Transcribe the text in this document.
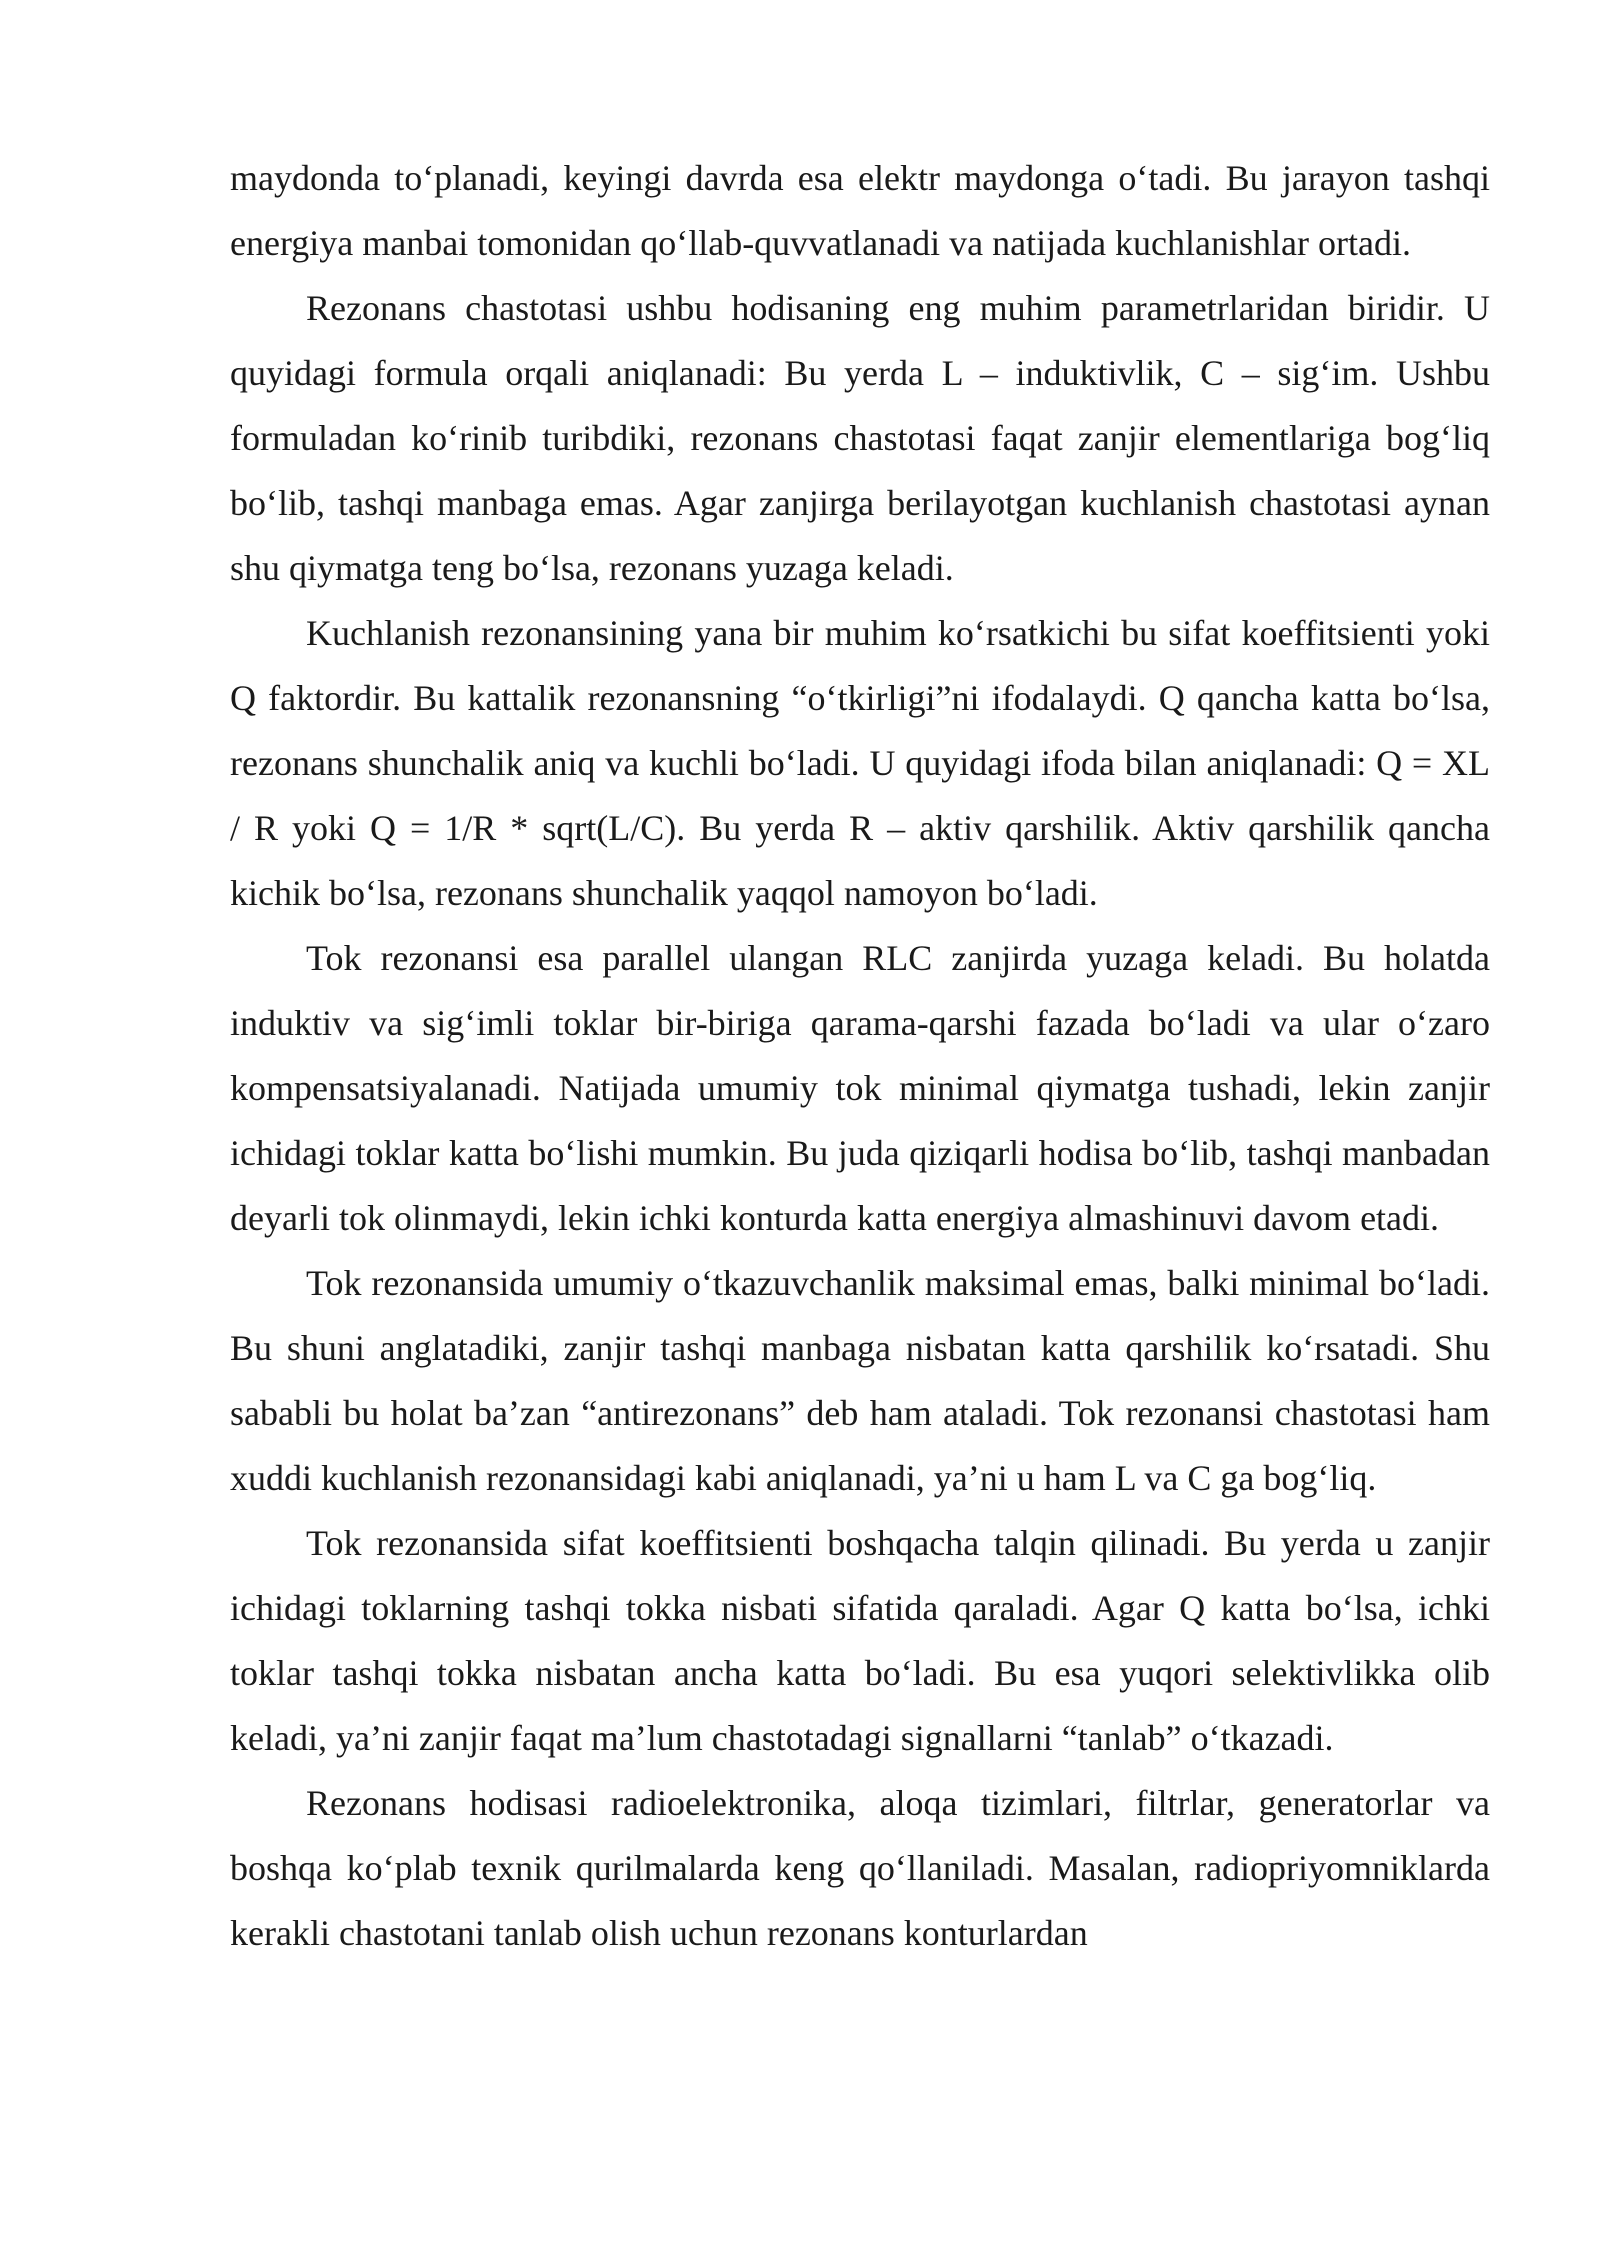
maydonda to‘planadi, keyingi davrda esa elektr maydonga o‘tadi. Bu jarayon tashqi energiya manbai tomonidan qo‘llab-quvvatlanadi va natijada kuchlanishlar ortadi.

Rezonans chastotasi ushbu hodisaning eng muhim parametrlaridan biridir. U quyidagi formula orqali aniqlanadi: Bu yerda L – induktivlik, C – sig‘im. Ushbu formuladan ko‘rinib turibdiki, rezonans chastotasi faqat zanjir elementlariga bog‘liq bo‘lib, tashqi manbaga emas. Agar zanjirga berilayotgan kuchlanish chastotasi aynan shu qiymatga teng bo‘lsa, rezonans yuzaga keladi.

Kuchlanish rezonansining yana bir muhim ko‘rsatkichi bu sifat koeffitsienti yoki Q faktordir. Bu kattalik rezonansning “o‘tkirligi”ni ifodalaydi. Q qancha katta bo‘lsa, rezonans shunchalik aniq va kuchli bo‘ladi. U quyidagi ifoda bilan aniqlanadi: Q = XL / R yoki Q = 1/R * sqrt(L/C). Bu yerda R – aktiv qarshilik. Aktiv qarshilik qancha kichik bo‘lsa, rezonans shunchalik yaqqol namoyon bo‘ladi.

Tok rezonansi esa parallel ulangan RLC zanjirda yuzaga keladi. Bu holatda induktiv va sig‘imli toklar bir-biriga qarama-qarshi fazada bo‘ladi va ular o‘zaro kompensatsiyalanadi. Natijada umumiy tok minimal qiymatga tushadi, lekin zanjir ichidagi toklar katta bo‘lishi mumkin. Bu juda qiziqarli hodisa bo‘lib, tashqi manbadan deyarli tok olinmaydi, lekin ichki konturda katta energiya almashinuvi davom etadi.

Tok rezonansida umumiy o‘tkazuvchanlik maksimal emas, balki minimal bo‘ladi. Bu shuni anglatadiki, zanjir tashqi manbaga nisbatan katta qarshilik ko‘rsatadi. Shu sababli bu holat ba’zan “antirezonans” deb ham ataladi. Tok rezonansi chastotasi ham xuddi kuchlanish rezonansidagi kabi aniqlanadi, ya’ni u ham L va C ga bog‘liq.

Tok rezonansida sifat koeffitsienti boshqacha talqin qilinadi. Bu yerda u zanjir ichidagi toklarning tashqi tokka nisbati sifatida qaraladi. Agar Q katta bo‘lsa, ichki toklar tashqi tokka nisbatan ancha katta bo‘ladi. Bu esa yuqori selektivlikka olib keladi, ya’ni zanjir faqat ma’lum chastotadagi signallarni “tanlab” o‘tkazadi.

Rezonans hodisasi radioelektronika, aloqa tizimlari, filtrlar, generatorlar va boshqa ko‘plab texnik qurilmalarda keng qo‘llaniladi. Masalan, radiopriyomniklarda kerakli chastotani tanlab olish uchun rezonans konturlardan
